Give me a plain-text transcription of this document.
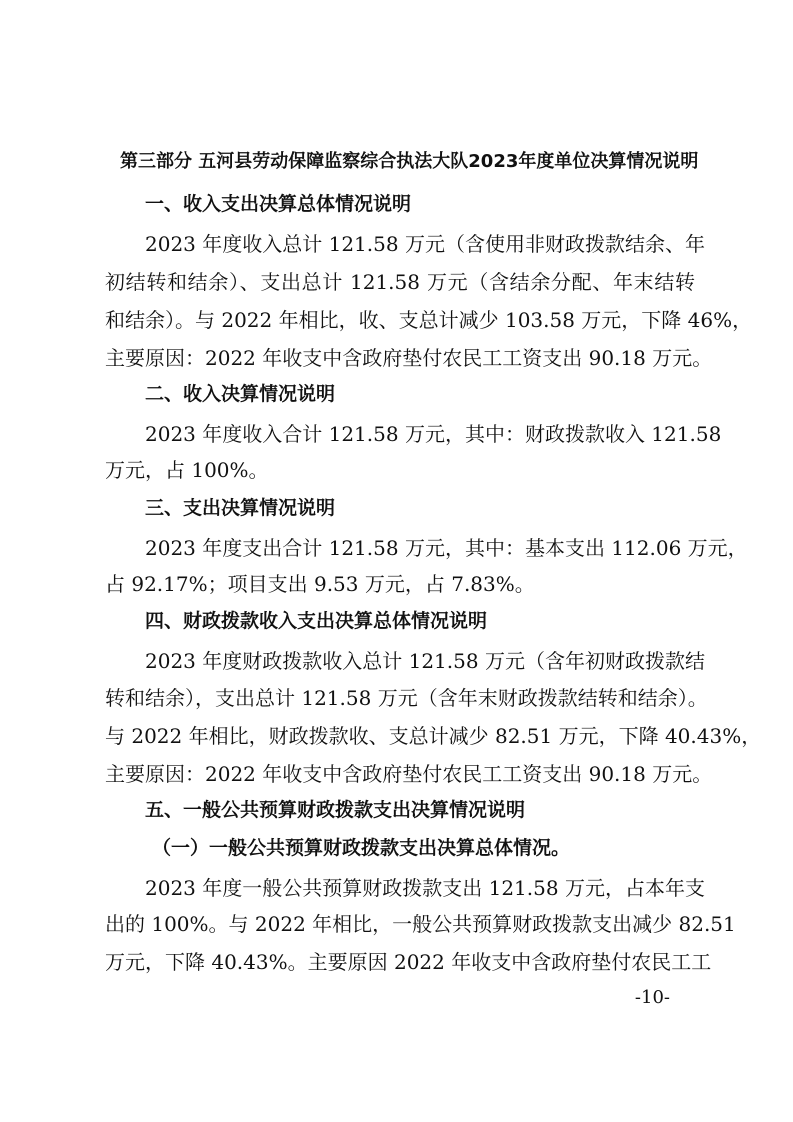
第三部分 五河县劳动保障监察综合执法大队2023年度单位决算情况说明
一、收入支出决算总体情况说明
2023 年度收入总计 121.58 万元（含使用非财政拨款结余、年
初结转和结余）、支出总计 121.58 万元（含结余分配、年末结转
和结余）。与 2022 年相比，收、支总计减少 103.58 万元，下降 46%，
主要原因：2022 年收支中含政府垫付农民工工资支出 90.18 万元。
二、收入决算情况说明
2023 年度收入合计 121.58 万元，其中：财政拨款收入 121.58
万元，占 100%。
三、支出决算情况说明
2023 年度支出合计 121.58 万元，其中：基本支出 112.06 万元，
占 92.17%；项目支出 9.53 万元，占 7.83%。
四、财政拨款收入支出决算总体情况说明
2023 年度财政拨款收入总计 121.58 万元（含年初财政拨款结
转和结余），支出总计 121.58 万元（含年末财政拨款结转和结余）。
与 2022 年相比，财政拨款收、支总计减少 82.51 万元，下降 40.43%，
主要原因：2022 年收支中含政府垫付农民工工资支出 90.18 万元。
五、一般公共预算财政拨款支出决算情况说明
（一）一般公共预算财政拨款支出决算总体情况。
2023 年度一般公共预算财政拨款支出 121.58 万元，占本年支
出的 100%。与 2022 年相比，一般公共预算财政拨款支出减少 82.51
万元，下降 40.43%。主要原因 2022 年收支中含政府垫付农民工工
-10-
